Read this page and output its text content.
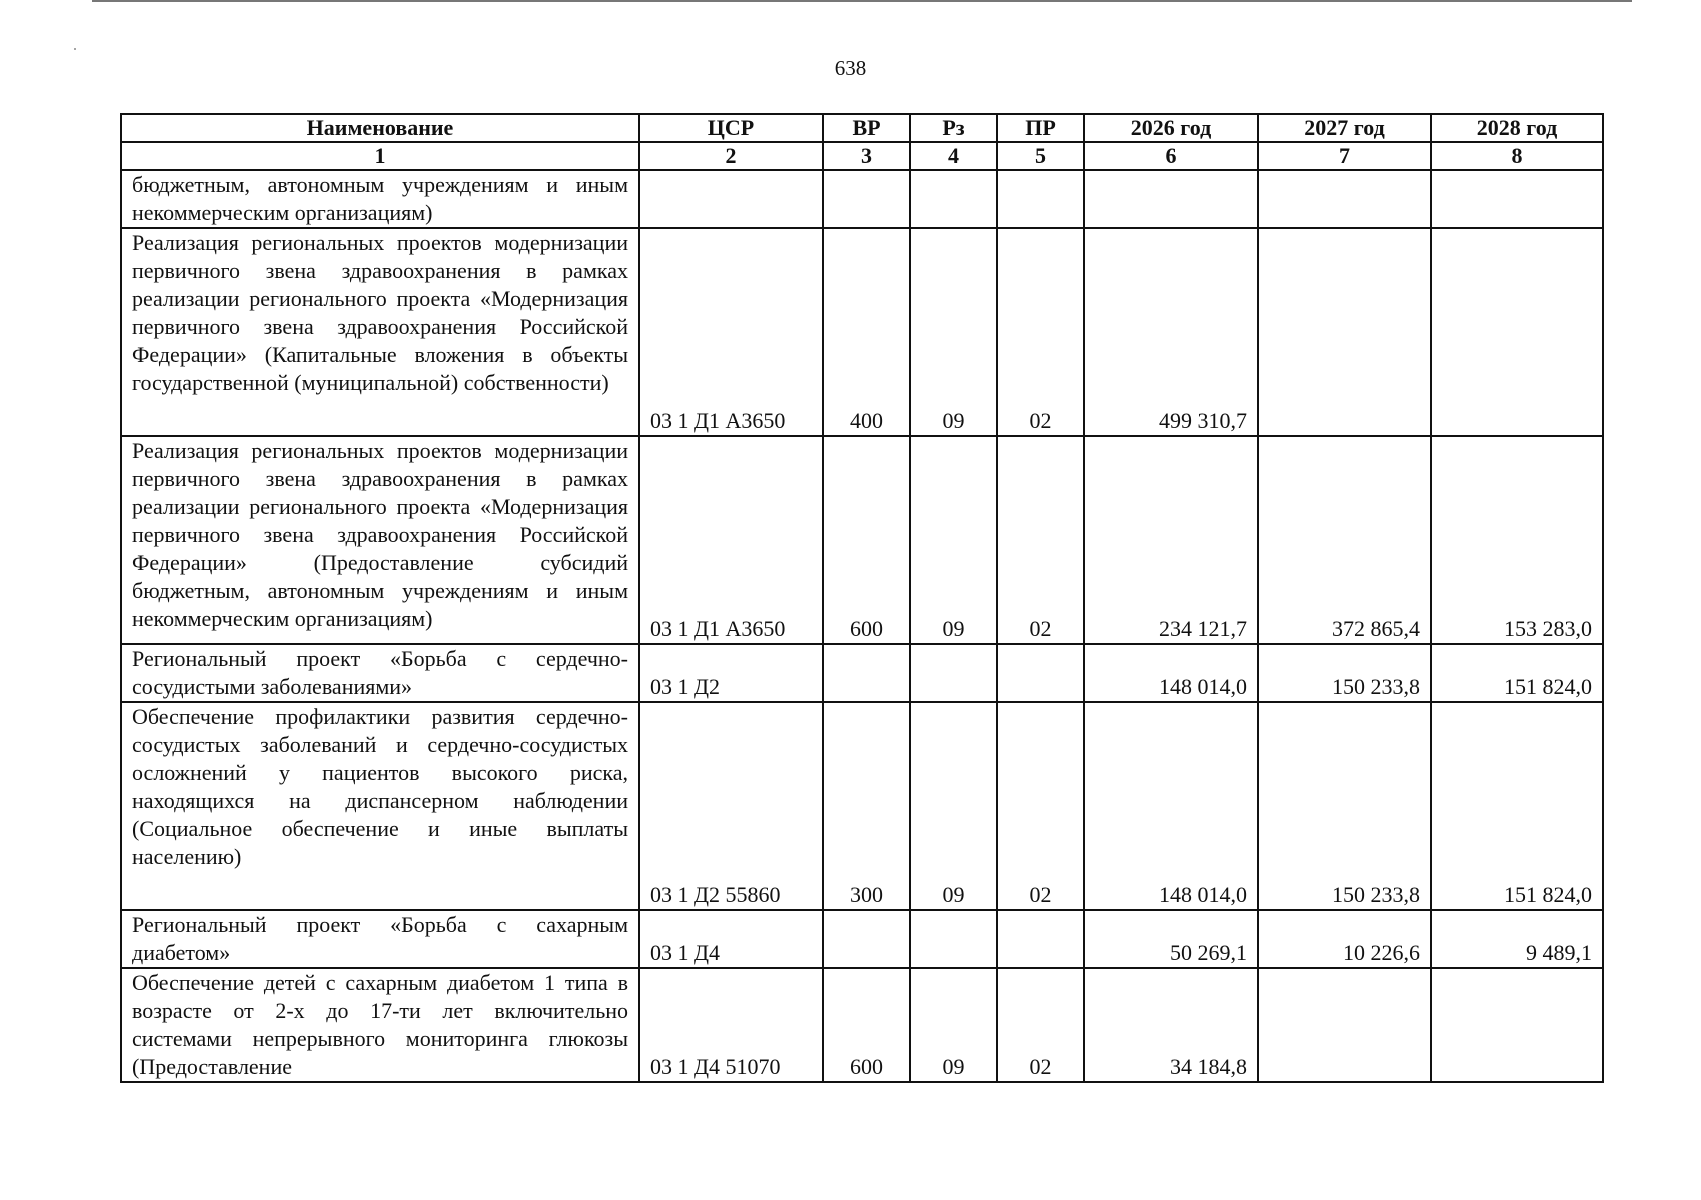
638
Наименование	ЦСР	ВР	Рз	ПР	2026 год	2027 год	2028 год
1	2	3	4	5	6	7	8

бюджетным, автономным учреждениям и иным некоммерческим организациям)							

Реализация региональных проектов модернизации первичного звена здравоохранения в рамках реализации регионального проекта «Модернизация первичного звена здравоохранения Российской Федерации» (Капитальные вложения в объекты государственной (муниципальной) собственности)	03 1 Д1 А3650	400	09	02	499 310,7		

Реализация региональных проектов модернизации первичного звена здравоохранения в рамках реализации регионального проекта «Модернизация первичного звена здравоохранения Российской Федерации» (Предоставление субсидий бюджетным, автономным учреждениям и иным некоммерческим организациям)	03 1 Д1 А3650	600	09	02	234 121,7	372 865,4	153 283,0

Региональный проект «Борьба с сердечно-сосудистыми заболеваниями»	03 1 Д2				148 014,0	150 233,8	151 824,0

Обеспечение профилактики развития сердечно-сосудистых заболеваний и сердечно-сосудистых осложнений у пациентов высокого риска, находящихся на диспансерном наблюдении (Социальное обеспечение и иные выплаты населению)	03 1 Д2 55860	300	09	02	148 014,0	150 233,8	151 824,0

Региональный проект «Борьба с сахарным диабетом»	03 1 Д4				50 269,1	10 226,6	9 489,1

Обеспечение детей с сахарным диабетом 1 типа в возрасте от 2-х до 17-ти лет включительно системами непрерывного мониторинга глюкозы (Предоставление	03 1 Д4 51070	600	09	02	34 184,8		
